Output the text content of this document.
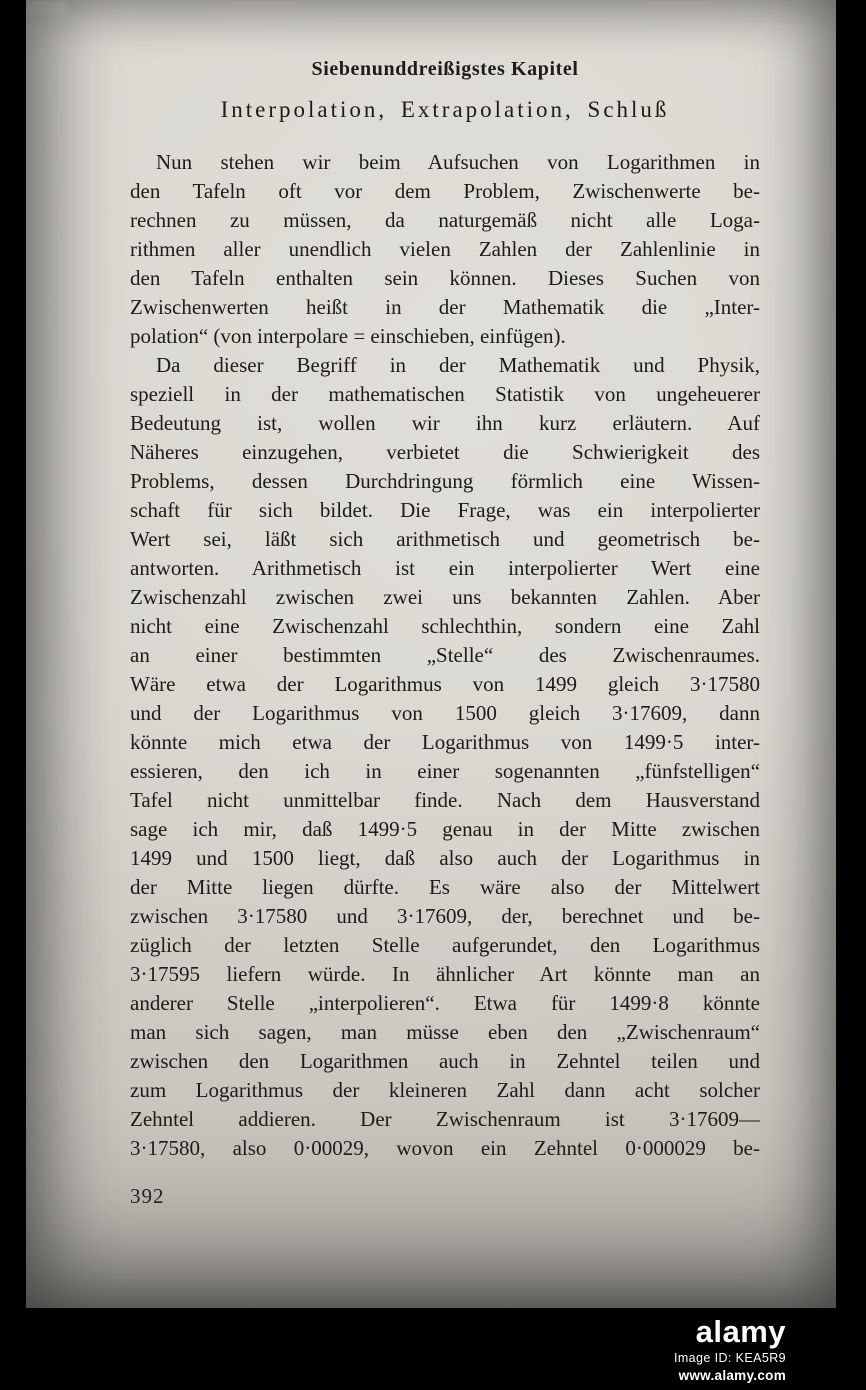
Siebenunddreißigstes Kapitel
Interpolation, Extrapolation, Schluß
Nun stehen wir beim Aufsuchen von Logarithmen in
den Tafeln oft vor dem Problem, Zwischenwerte be-
rechnen zu müssen, da naturgemäß nicht alle Loga-
rithmen aller unendlich vielen Zahlen der Zahlenlinie in
den Tafeln enthalten sein können. Dieses Suchen von
Zwischenwerten heißt in der Mathematik die „Inter-
polation“ (von interpolare = einschieben, einfügen).
Da dieser Begriff in der Mathematik und Physik,
speziell in der mathematischen Statistik von ungeheuerer
Bedeutung ist, wollen wir ihn kurz erläutern. Auf
Näheres einzugehen, verbietet die Schwierigkeit des
Problems, dessen Durchdringung förmlich eine Wissen-
schaft für sich bildet. Die Frage, was ein interpolierter
Wert sei, läßt sich arithmetisch und geometrisch be-
antworten. Arithmetisch ist ein interpolierter Wert eine
Zwischenzahl zwischen zwei uns bekannten Zahlen. Aber
nicht eine Zwischenzahl schlechthin, sondern eine Zahl
an einer bestimmten „Stelle“ des Zwischenraumes.
Wäre etwa der Logarithmus von 1499 gleich 3·17580
und der Logarithmus von 1500 gleich 3·17609, dann
könnte mich etwa der Logarithmus von 1499·5 inter-
essieren, den ich in einer sogenannten „fünfstelligen“
Tafel nicht unmittelbar finde. Nach dem Hausverstand
sage ich mir, daß 1499·5 genau in der Mitte zwischen
1499 und 1500 liegt, daß also auch der Logarithmus in
der Mitte liegen dürfte. Es wäre also der Mittelwert
zwischen 3·17580 und 3·17609, der, berechnet und be-
züglich der letzten Stelle aufgerundet, den Logarithmus
3·17595 liefern würde. In ähnlicher Art könnte man an
anderer Stelle „interpolieren“. Etwa für 1499·8 könnte
man sich sagen, man müsse eben den „Zwischenraum“
zwischen den Logarithmen auch in Zehntel teilen und
zum Logarithmus der kleineren Zahl dann acht solcher
Zehntel addieren. Der Zwischenraum ist 3·17609—
3·17580, also 0·00029, wovon ein Zehntel 0·000029 be-
392
alamy
Image ID: KEA5R9
www.alamy.com
